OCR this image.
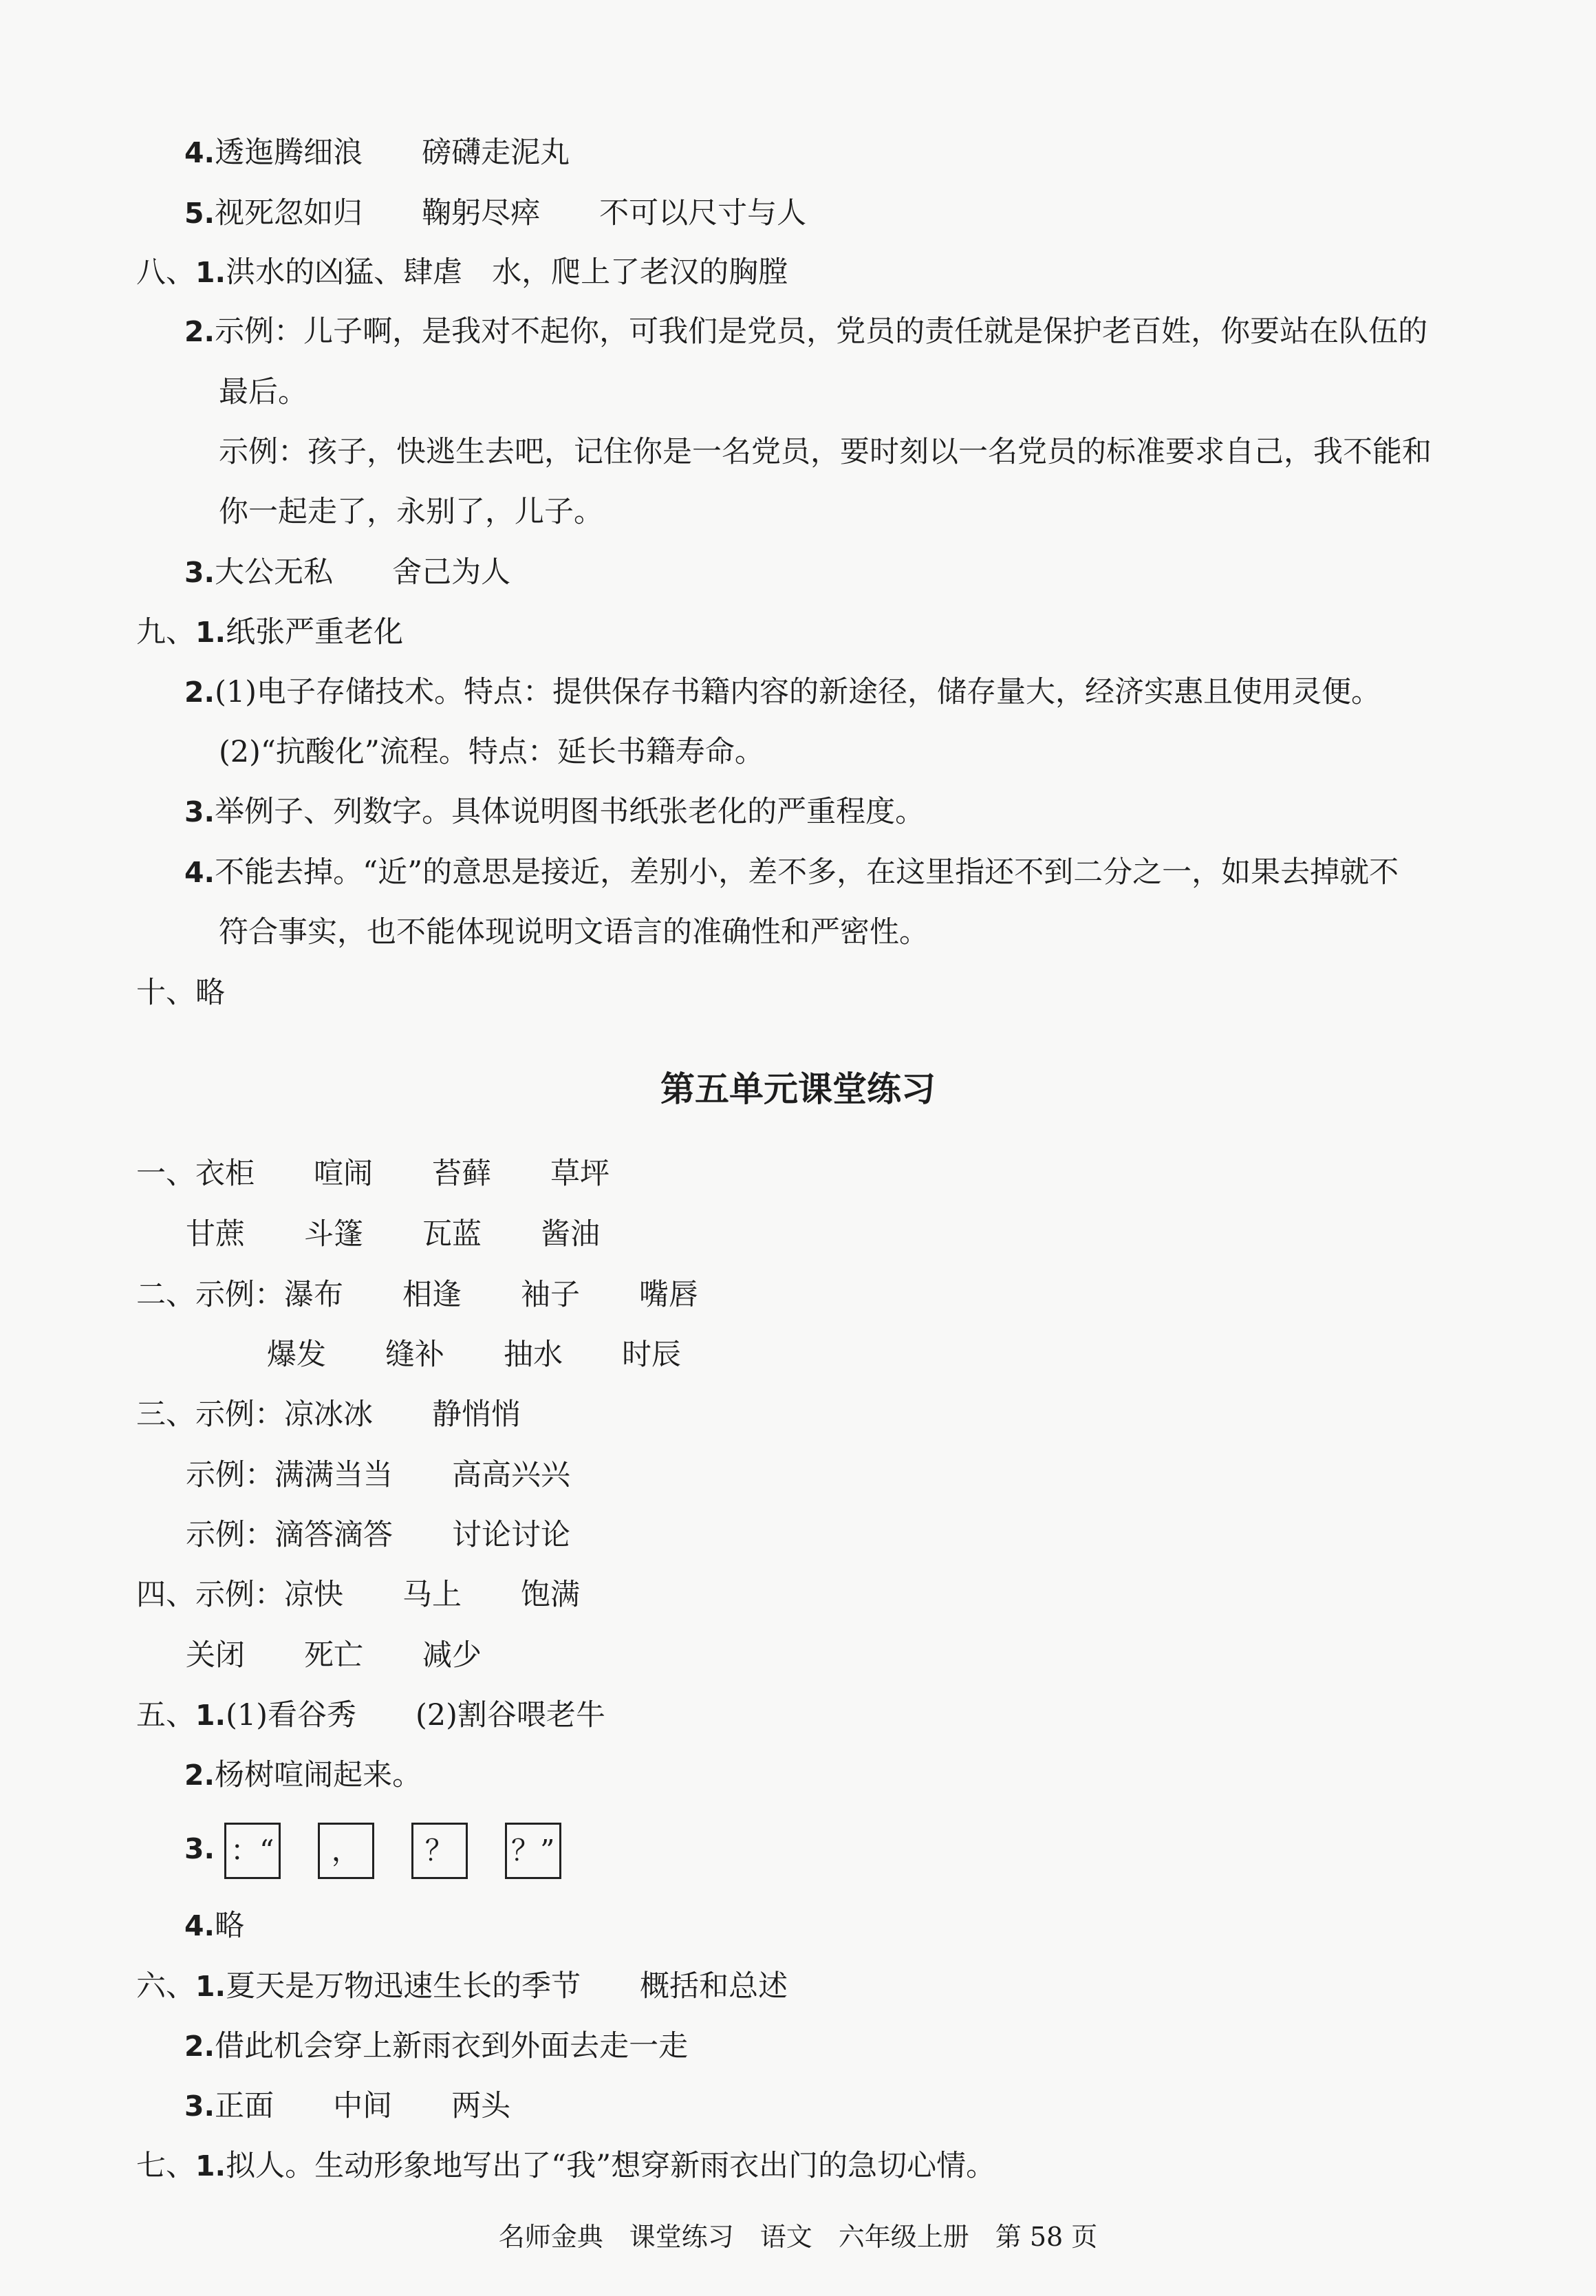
4.透迤腾细浪　　磅礴走泥丸
5.视死忽如归　　鞠躬尽瘁　　不可以尺寸与人
八、1.洪水的凶猛、肆虐　水，爬上了老汉的胸膛
2.示例：儿子啊，是我对不起你，可我们是党员，党员的责任就是保护老百姓，你要站在队伍的
最后。
示例：孩子，快逃生去吧，记住你是一名党员，要时刻以一名党员的标准要求自己，我不能和
你一起走了，永别了，儿子。
3.大公无私　　舍己为人
九、1.纸张严重老化
2.(1)电子存储技术。特点：提供保存书籍内容的新途径，储存量大，经济实惠且使用灵便。
(2)“抗酸化”流程。特点：延长书籍寿命。
3.举例子、列数字。具体说明图书纸张老化的严重程度。
4.不能去掉。“近”的意思是接近，差别小，差不多，在这里指还不到二分之一，如果去掉就不
符合事实，也不能体现说明文语言的准确性和严密性。
十、略
第五单元课堂练习
一、衣柜　　喧闹　　苔藓　　草坪
甘蔗　　斗篷　　瓦蓝　　酱油
二、示例：瀑布　　相逢　　袖子　　嘴唇
爆发　　缝补　　抽水　　时辰
三、示例：凉冰冰　　静悄悄
示例：满满当当　　高高兴兴
示例：滴答滴答　　讨论讨论
四、示例：凉快　　马上　　饱满
关闭　　死亡　　减少
五、1.(1)看谷秀　　(2)割谷喂老牛
2.杨树喧闹起来。
3. ：“ ， ？ ？”
4.略
六、1.夏天是万物迅速生长的季节　　概括和总述
2.借此机会穿上新雨衣到外面去走一走
3.正面　　中间　　两头
七、1.拟人。生动形象地写出了“我”想穿新雨衣出门的急切心情。
名师金典　课堂练习　语文　六年级上册　第 58 页
